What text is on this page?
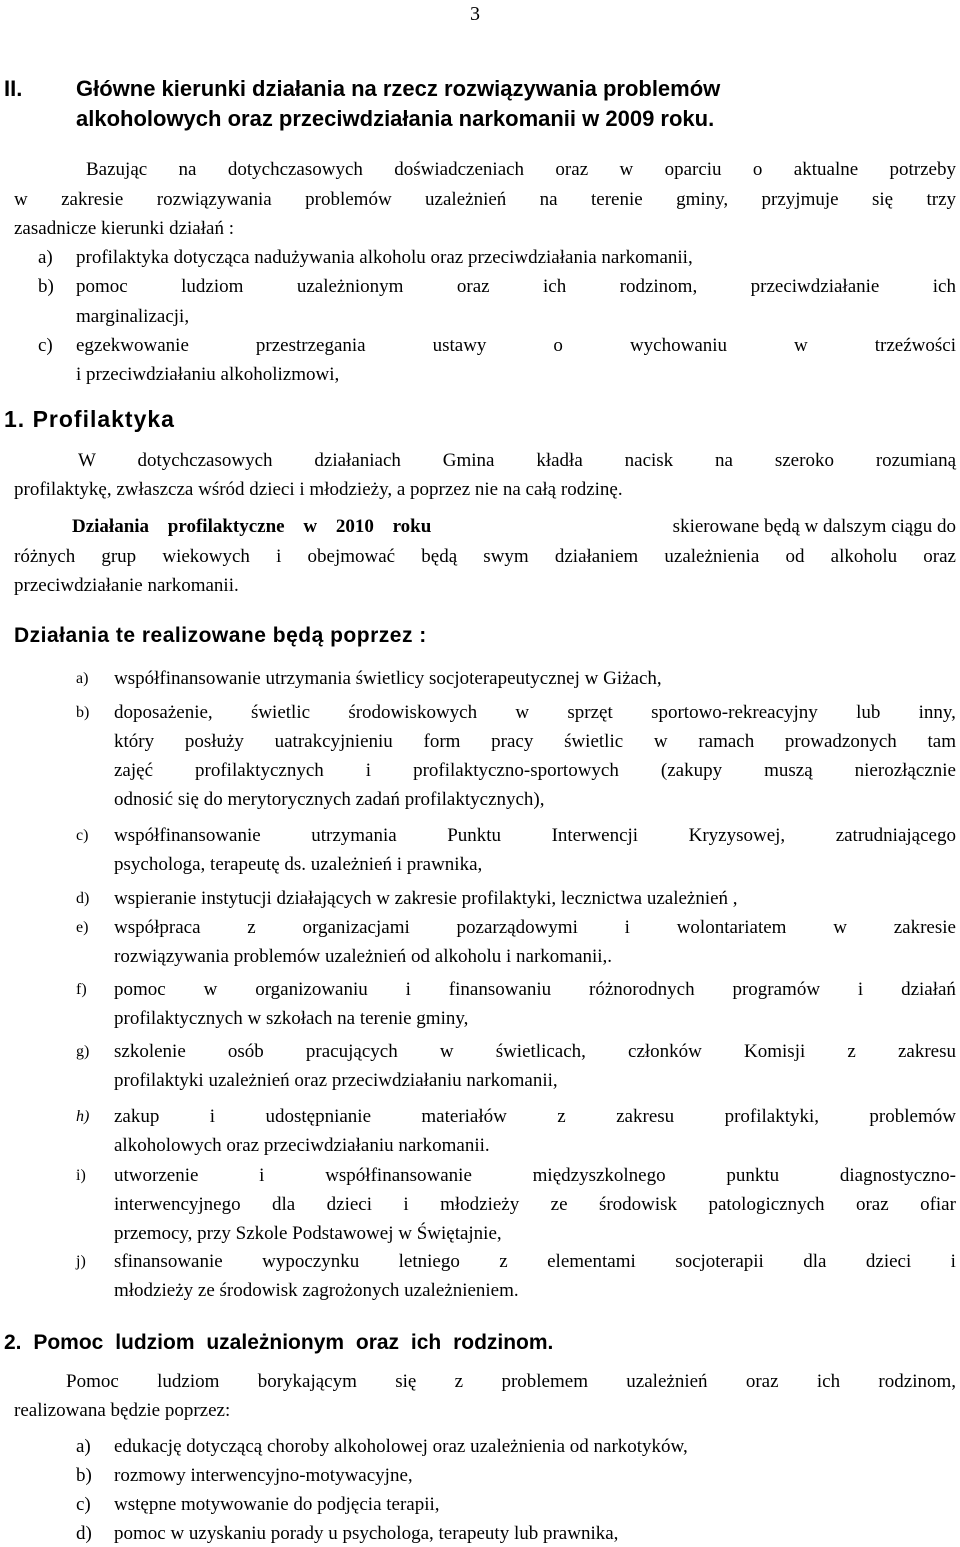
3
II. Główne kierunki działania na rzecz rozwiązywania problemów
alkoholowych oraz przeciwdziałania narkomanii w 2009 roku.
Bazując na dotychczasowych doświadczeniach oraz w oparciu o aktualne potrzeby
w zakresie rozwiązywania problemów uzależnień na terenie gminy, przyjmuje się trzy
zasadnicze kierunki działań :
a)	profilaktyka dotycząca nadużywania alkoholu oraz przeciwdziałania narkomanii,
b)	pomoc ludziom uzależnionym oraz ich rodzinom, przeciwdziałanie ich
marginalizacji,
c)	egzekwowanie przestrzegania ustawy o wychowaniu w trzeźwości
i przeciwdziałaniu alkoholizmowi,
1. Profilaktyka
W dotychczasowych działaniach Gmina kładła nacisk na szeroko rozumianą
profilaktykę, zwłaszcza wśród dzieci i młodzieży, a poprzez nie na całą rodzinę.
Działania profilaktyczne w 2010 roku	skierowane będą w dalszym ciągu do
różnych grup wiekowych i obejmować będą swym działaniem uzależnienia od alkoholu oraz
przeciwdziałanie narkomanii.
Działania te realizowane będą poprzez :
a)	współfinansowanie utrzymania świetlicy socjoterapeutycznej w Giżach,
b)	doposażenie, świetlic środowiskowych w sprzęt sportowo-rekreacyjny lub inny,
który posłuży uatrakcyjnieniu form pracy świetlic w ramach prowadzonych tam
zajęć profilaktycznych i profilaktyczno-sportowych (zakupy muszą nierozłącznie
odnosić się do merytorycznych zadań profilaktycznych),
c)	współfinansowanie	utrzymania	Punktu	Interwencji	Kryzysowej,	zatrudniającego
psychologa, terapeutę ds. uzależnień i prawnika,
d)	wspieranie instytucji działających w zakresie profilaktyki, lecznictwa uzależnień ,
e)	współpraca z organizacjami pozarządowymi i wolontariatem w zakresie
rozwiązywania problemów uzależnień od alkoholu i narkomanii,.
f)	pomoc w organizowaniu i finansowaniu różnorodnych programów i działań
profilaktycznych w szkołach na terenie gminy,
g)	szkolenie osób pracujących w świetlicach, członków Komisji z zakresu
profilaktyki uzależnień oraz przeciwdziałaniu narkomanii,
h)	zakup	i	udostępnianie	materiałów	z	zakresu	profilaktyki,	problemów
alkoholowych oraz przeciwdziałaniu narkomanii.
i)	utworzenie	i	współfinansowanie	międzyszkolnego	punktu	diagnostyczno-
interwencyjnego dla dzieci i młodzieży ze środowisk patologicznych oraz ofiar
przemocy, przy Szkole Podstawowej w Świętajnie,
j)	sfinansowanie wypoczynku letniego z elementami socjoterapii dla dzieci i
młodzieży ze środowisk zagrożonych uzależnieniem.
2. Pomoc ludziom uzależnionym oraz ich rodzinom.
Pomoc ludziom borykającym się z problemem uzależnień oraz ich rodzinom,
realizowana będzie poprzez:
a)	edukację dotyczącą choroby alkoholowej oraz uzależnienia od narkotyków,
b)	rozmowy interwencyjno-motywacyjne,
c)	wstępne motywowanie do podjęcia terapii,
d)	pomoc w uzyskaniu porady u psychologa, terapeuty lub prawnika,
